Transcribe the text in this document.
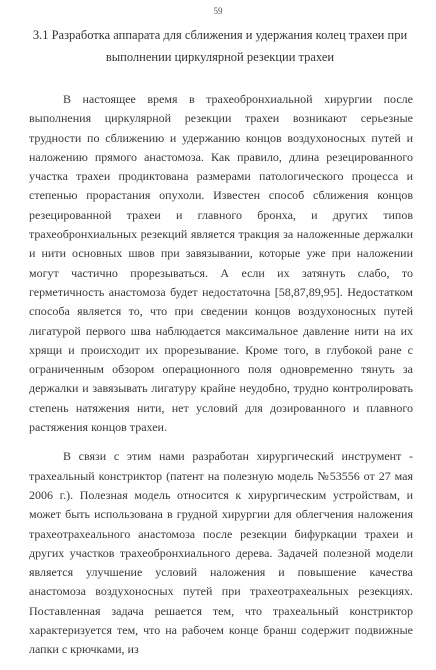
59
3.1 Разработка аппарата для сближения и удержания колец трахеи при выполнении циркулярной резекции трахеи

В настоящее время в трахеобронхиальной хирургии после выполнения циркулярной резекции трахеи возникают серьезные трудности по сближению и удержанию концов воздухоносных путей и наложению прямого анастомоза. Как правило, длина резецированного участка трахеи продиктована размерами патологического процесса и степенью прорастания опухоли. Известен способ сближения концов резецированной трахеи и главного бронха, и других типов трахеобронхиальных резекций является тракция за наложенные держалки и нити основных швов при завязывании, которые уже при наложении могут частично прорезываться. А если их затянуть слабо, то герметичность анастомоза будет недостаточна [58,87,89,95]. Недостатком способа является то, что при сведении концов воздухоносных путей лигатурой первого шва наблюдается максимальное давление нити на их хрящи и происходит их прорезывание. Кроме того, в глубокой ране с ограниченным обзором операционного поля одновременно тянуть за держалки и завязывать лигатуру крайне неудобно, трудно контролировать степень натяжения нити, нет условий для дозированного и плавного растяжения концов трахеи.

В связи с этим нами разработан хирургический инструмент - трахеальный констриктор (патент на полезную модель №53556 от 27 мая 2006 г.). Полезная модель относится к хирургическим устройствам, и может быть использована в грудной хирургии для облегчения наложения трахеотрахеального анастомоза после резекции бифуркации трахеи и других участков трахеобронхиального дерева. Задачей полезной модели является улучшение условий наложения и повышение качества анастомоза воздухоносных путей при трахеотрахеальных резекциях. Поставленная задача решается тем, что трахеальный констриктор характеризуется тем, что на рабочем конце бранш содержит подвижные лапки с крючками, из
